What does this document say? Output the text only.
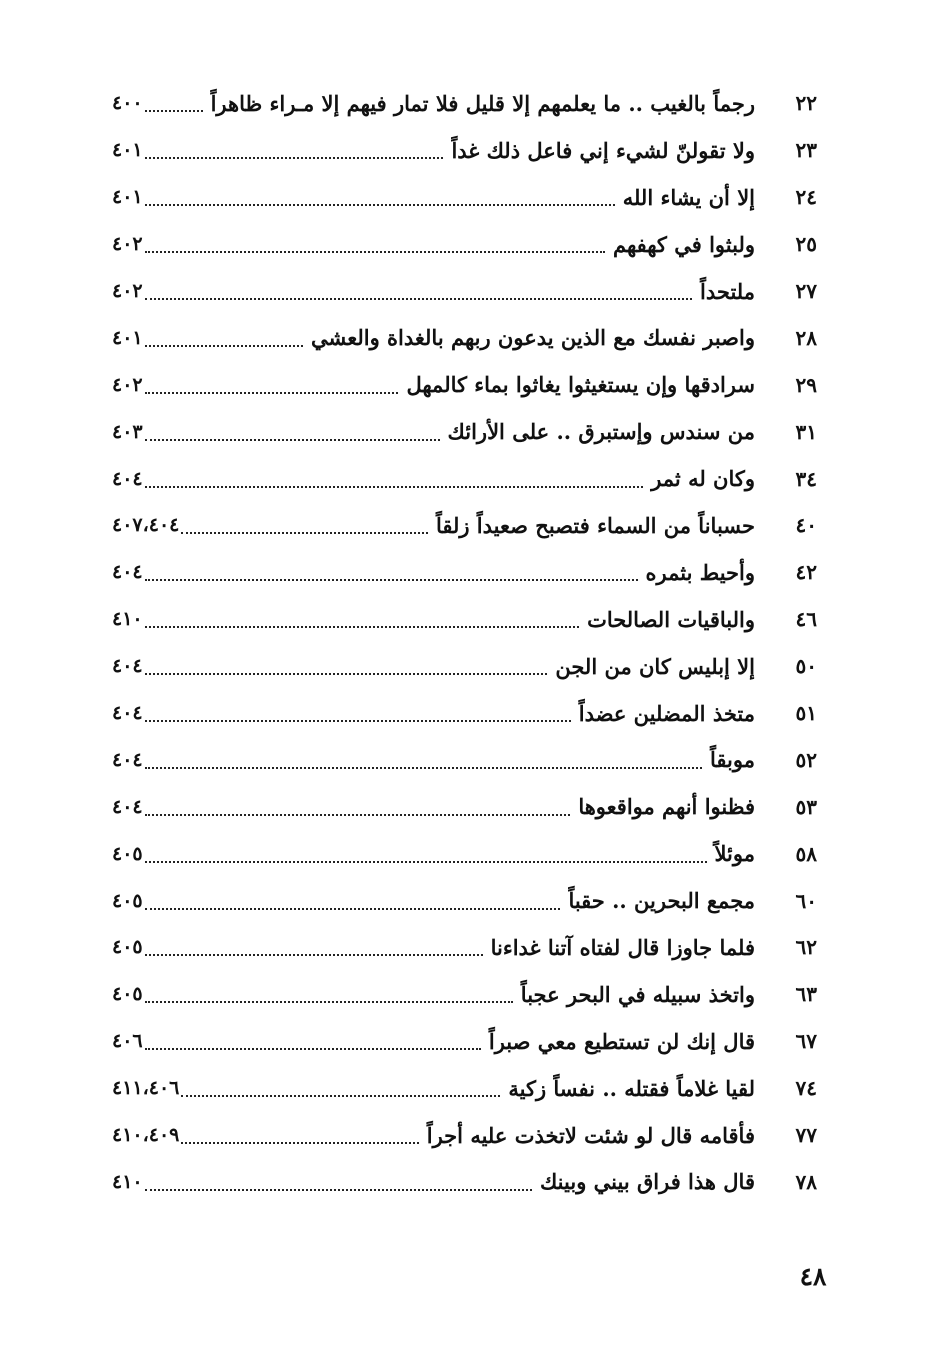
٢٢
رجماً بالغيب .. ما يعلمهم إلا قليل فلا تمار فيهم إلا مـراء ظاهراً
٤٠٠
٢٣
ولا تقولنّ لشيء إني فاعل ذلك غداً
٤٠١
٢٤
إلا أن يشاء الله
٤٠١
٢٥
ولبثوا في كهفهم
٤٠٢
٢٧
ملتحداً
٤٠٢
٢٨
واصبر نفسك مع الذين يدعون ربهم بالغداة والعشي
٤٠١
٢٩
سرادقها وإن يستغيثوا يغاثوا بماء كالمهل
٤٠٢
٣١
من سندس وإستبرق .. على الأرائك
٤٠٣
٣٤
وكان له ثمر
٤٠٤
٤٠
حسباناً من السماء فتصبح صعيداً زلقاً
٤٠٧،٤٠٤
٤٢
وأحيط بثمره
٤٠٤
٤٦
والباقيات الصالحات
٤١٠
٥٠
إلا إبليس كان من الجن
٤٠٤
٥١
متخذ المضلين عضداً
٤٠٤
٥٢
موبقاً
٤٠٤
٥٣
فظنوا أنهم مواقعوها
٤٠٤
٥٨
موئلاً
٤٠٥
٦٠
مجمع البحرين .. حقباً
٤٠٥
٦٢
فلما جاوزا قال لفتاه آتنا غداءنا
٤٠٥
٦٣
واتخذ سبيله في البحر عجباً
٤٠٥
٦٧
قال إنك لن تستطيع معي صبراً
٤٠٦
٧٤
لقيا غلاماً فقتله .. نفساً زكية
٤١١،٤٠٦
٧٧
فأقامه قال لو شئت لاتخذت عليه أجراً
٤١٠،٤٠٩
٧٨
قال هذا فراق بيني وبينك
٤١٠
٤٨
